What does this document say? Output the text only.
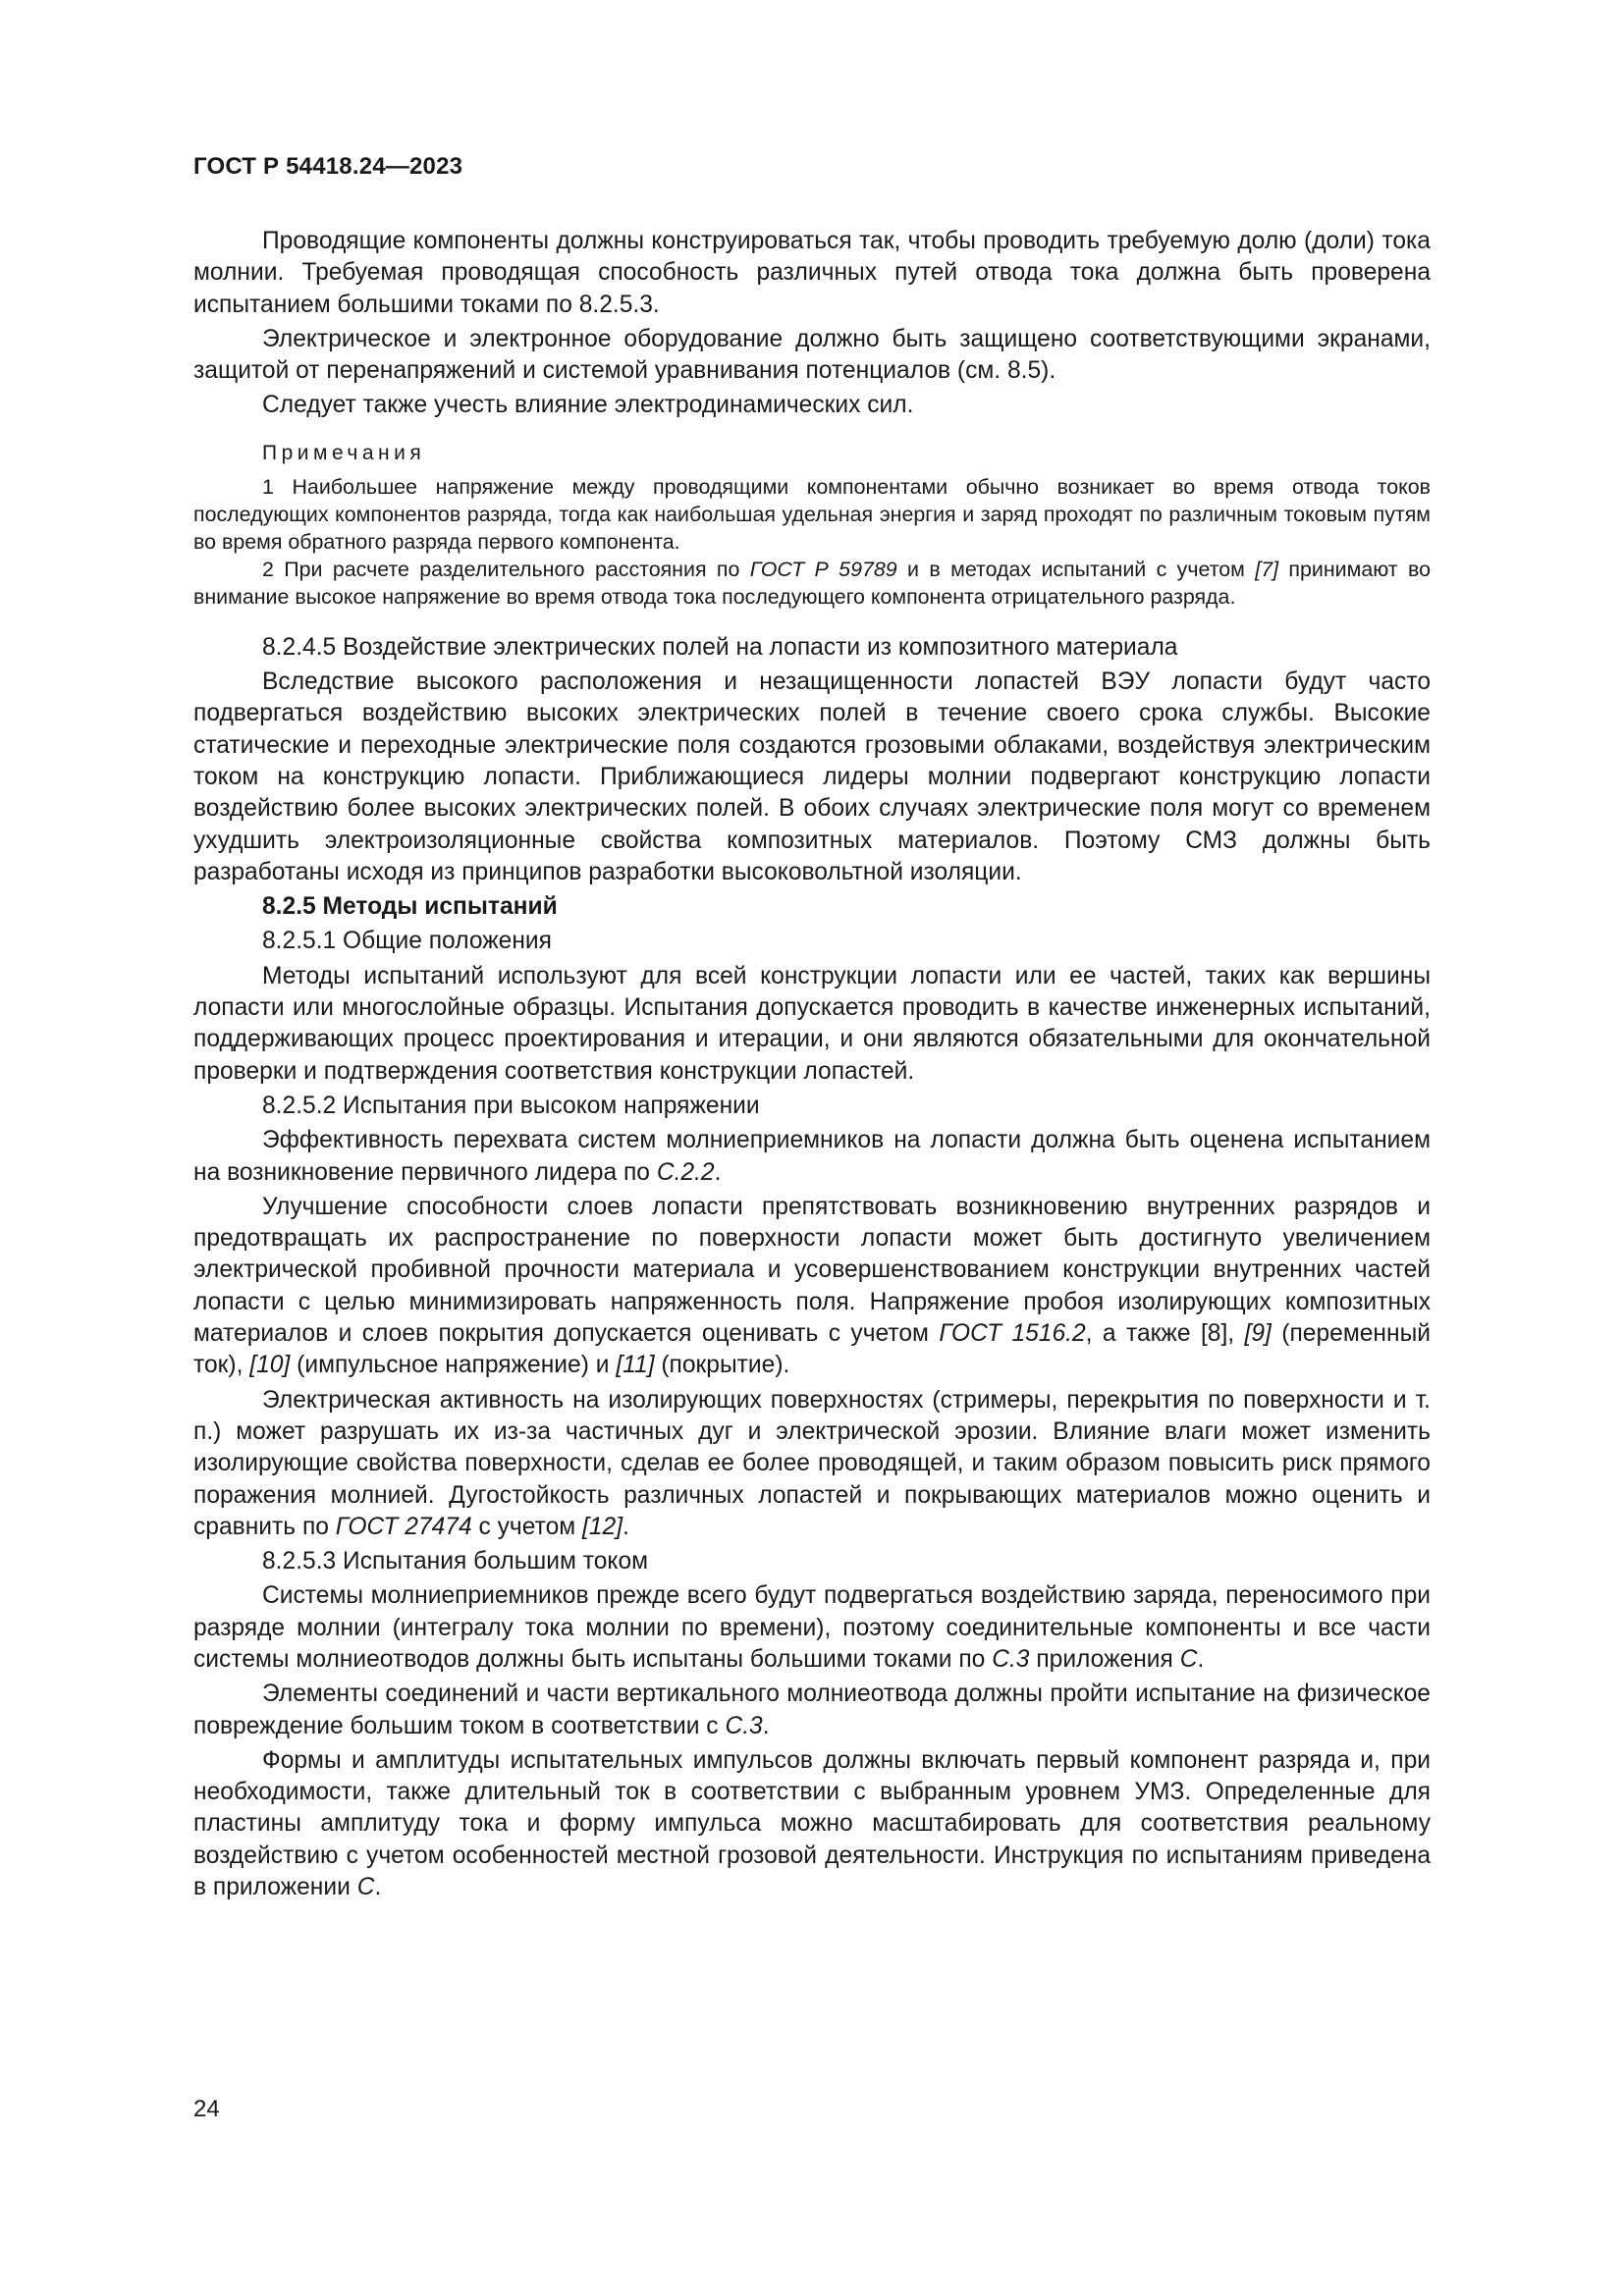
ГОСТ Р 54418.24—2023

Проводящие компоненты должны конструироваться так, чтобы проводить требуемую долю (доли) тока молнии. Требуемая проводящая способность различных путей отвода тока должна быть проверена испытанием большими токами по 8.2.5.3.

Электрическое и электронное оборудование должно быть защищено соответствующими экранами, защитой от перенапряжений и системой уравнивания потенциалов (см. 8.5).

Следует также учесть влияние электродинамических сил.

Примечания

1 Наибольшее напряжение между проводящими компонентами обычно возникает во время отвода токов последующих компонентов разряда, тогда как наибольшая удельная энергия и заряд проходят по различным токовым путям во время обратного разряда первого компонента.

2 При расчете разделительного расстояния по ГОСТ Р 59789 и в методах испытаний с учетом [7] принимают во внимание высокое напряжение во время отвода тока последующего компонента отрицательного разряда.

8.2.4.5 Воздействие электрических полей на лопасти из композитного материала

Вследствие высокого расположения и незащищенности лопастей ВЭУ лопасти будут часто подвергаться воздействию высоких электрических полей в течение своего срока службы. Высокие статические и переходные электрические поля создаются грозовыми облаками, воздействуя электрическим током на конструкцию лопасти. Приближающиеся лидеры молнии подвергают конструкцию лопасти воздействию более высоких электрических полей. В обоих случаях электрические поля могут со временем ухудшить электроизоляционные свойства композитных материалов. Поэтому СМЗ должны быть разработаны исходя из принципов разработки высоковольтной изоляции.

8.2.5 Методы испытаний

8.2.5.1 Общие положения

Методы испытаний используют для всей конструкции лопасти или ее частей, таких как вершины лопасти или многослойные образцы. Испытания допускается проводить в качестве инженерных испытаний, поддерживающих процесс проектирования и итерации, и они являются обязательными для окончательной проверки и подтверждения соответствия конструкции лопастей.

8.2.5.2 Испытания при высоком напряжении

Эффективность перехвата систем молниеприемников на лопасти должна быть оценена испытанием на возникновение первичного лидера по С.2.2.

Улучшение способности слоев лопасти препятствовать возникновению внутренних разрядов и предотвращать их распространение по поверхности лопасти может быть достигнуто увеличением электрической пробивной прочности материала и усовершенствованием конструкции внутренних частей лопасти с целью минимизировать напряженность поля. Напряжение пробоя изолирующих композитных материалов и слоев покрытия допускается оценивать с учетом ГОСТ 1516.2, а также [8], [9] (переменный ток), [10] (импульсное напряжение) и [11] (покрытие).

Электрическая активность на изолирующих поверхностях (стримеры, перекрытия по поверхности и т. п.) может разрушать их из-за частичных дуг и электрической эрозии. Влияние влаги может изменить изолирующие свойства поверхности, сделав ее более проводящей, и таким образом повысить риск прямого поражения молнией. Дугостойкость различных лопастей и покрывающих материалов можно оценить и сравнить по ГОСТ 27474 с учетом [12].

8.2.5.3 Испытания большим током

Системы молниеприемников прежде всего будут подвергаться воздействию заряда, переносимого при разряде молнии (интегралу тока молнии по времени), поэтому соединительные компоненты и все части системы молниеотводов должны быть испытаны большими токами по С.3 приложения С.

Элементы соединений и части вертикального молниеотвода должны пройти испытание на физическое повреждение большим током в соответствии с С.3.

Формы и амплитуды испытательных импульсов должны включать первый компонент разряда и, при необходимости, также длительный ток в соответствии с выбранным уровнем УМЗ. Определенные для пластины амплитуду тока и форму импульса можно масштабировать для соответствия реальному воздействию с учетом особенностей местной грозовой деятельности. Инструкция по испытаниям приведена в приложении С.

24
